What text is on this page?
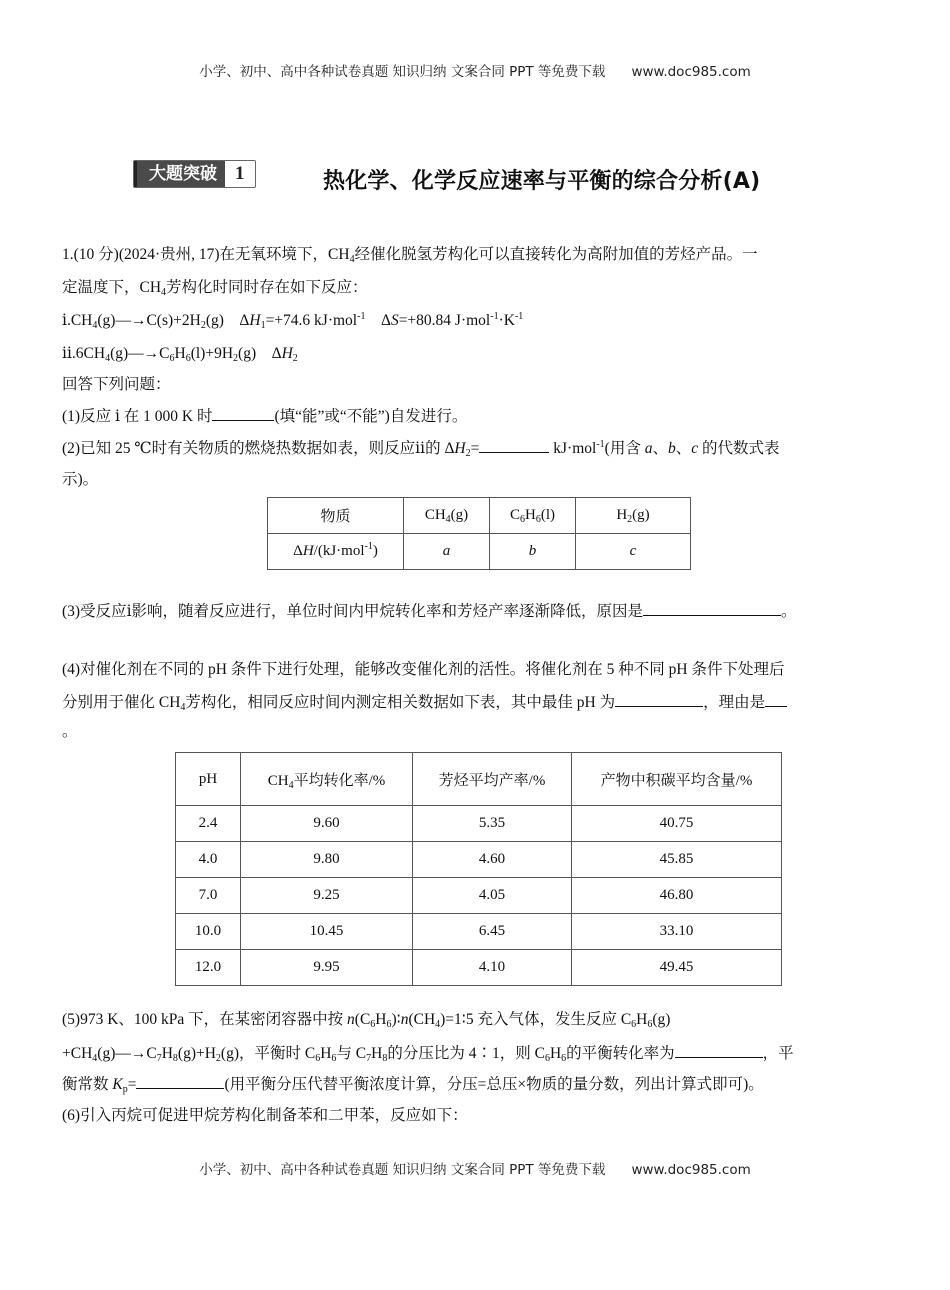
小学、初中、高中各种试卷真题 知识归纳 文案合同 PPT 等免费下载 www.doc985.com
大题突破 1	热化学、化学反应速率与平衡的综合分析(A)
1.(10 分)(2024·贵州, 17)在无氧环境下，$CH_4$经催化脱氢芳构化可以直接转化为高附加值的芳烃产品。一
定温度下，$CH_4$芳构化时同时存在如下反应：
$ⅰ.CH_4(g)—\to C(s)+2H_2(g)$    $\Delta H_1=+74.6$ kJ·mol$^{-1}$    ΔS=+80.84 $J\cdot mol^{-1}\cdot K^{-1}$
$ⅱ.6CH_4(g)—\to C_6H_6(l)+9H_2(g)$    $\Delta H_2$
回答下列问题：
(1)反应 ⅰ 在 1 000 K 时	(填“能”或“不能”)自发进行。
(2)已知 25 ℃时有关物质的燃烧热数据如表，则反应ⅱ的 $\Delta H_2=$	kJ·mol$^{-1}$(用含 a、b、c 的代数式表
示)。
物质	$CH_4(g)$	$C_6H_6(l)$	$H_2(g)$
ΔH/(kJ·mol$^{-1}$)	a	b	c
(3)受反应ⅰ影响，随着反应进行，单位时间内甲烷转化率和芳烃产率逐渐降低，原因是	。
(4)对催化剂在不同的 pH 条件下进行处理，能够改变催化剂的活性。将催化剂在 5 种不同 pH 条件下处理后
分别用于催化 $CH_4$芳构化，相同反应时间内测定相关数据如下表，其中最佳 pH 为	，理由是
。
pH	$CH_4$平均转化率/%	芳烃平均产率/%	产物中积碳平均含量/%
2.4	9.60	5.35	40.75
4.0	9.80	4.60	45.85
7.0	9.25	4.05	46.80
10.0	10.45	6.45	33.10
12.0	9.95	4.10	49.45
(5)973 K、100 kPa 下，在某密闭容器中按 $n(C_6H_6)∶n(CH_4)=1∶5$ 充入气体，发生反应 $C_6H_6(g)$
$+CH_4(g)—\to C_7H_8(g)+H_2(g)$，平衡时 $C_6H_6$与 $C_7H_8$的分压比为 4∶1，则 $C_6H_6$的平衡转化率为	，平
衡常数 $K_p=$	(用平衡分压代替平衡浓度计算，分压=总压×物质的量分数，列出计算式即可)。
(6)引入丙烷可促进甲烷芳构化制备苯和二甲苯，反应如下：
小学、初中、高中各种试卷真题 知识归纳 文案合同 PPT 等免费下载 www.doc985.com
